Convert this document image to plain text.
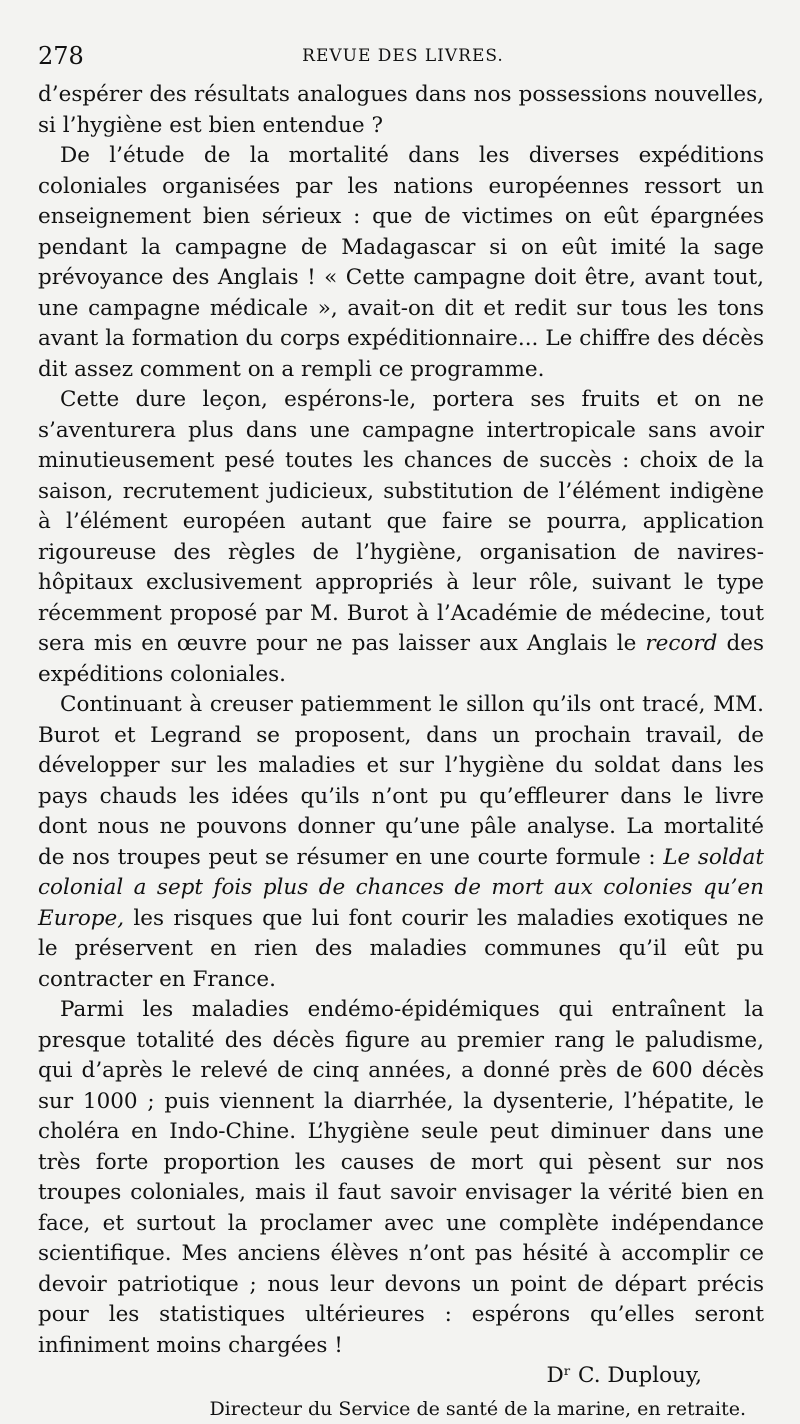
278	REVUE DES LIVRES.

d’espérer des résultats analogues dans nos possessions nouvelles, si l’hygiène est bien entendue ?

De l’étude de la mortalité dans les diverses expéditions coloniales organisées par les nations européennes ressort un enseignement bien sérieux : que de victimes on eût épargnées pendant la campagne de Madagascar si on eût imité la sage prévoyance des Anglais ! « Cette campagne doit être, avant tout, une campagne médicale », avait-on dit et redit sur tous les tons avant la formation du corps expéditionnaire... Le chiffre des décès dit assez comment on a rempli ce programme.

Cette dure leçon, espérons-le, portera ses fruits et on ne s’aventurera plus dans une campagne intertropicale sans avoir minutieusement pesé toutes les chances de succès : choix de la saison, recrutement judicieux, substitution de l’élément indigène à l’élément européen autant que faire se pourra, application rigoureuse des règles de l’hygiène, organisation de navires-hôpitaux exclusivement appropriés à leur rôle, suivant le type récemment proposé par M. Burot à l’Académie de médecine, tout sera mis en œuvre pour ne pas laisser aux Anglais le record des expéditions coloniales.

Continuant à creuser patiemment le sillon qu’ils ont tracé, MM. Burot et Legrand se proposent, dans un prochain travail, de développer sur les maladies et sur l’hygiène du soldat dans les pays chauds les idées qu’ils n’ont pu qu’effleurer dans le livre dont nous ne pouvons donner qu’une pâle analyse. La mortalité de nos troupes peut se résumer en une courte formule : Le soldat colonial a sept fois plus de chances de mort aux colonies qu’en Europe, les risques que lui font courir les maladies exotiques ne le préservent en rien des maladies communes qu’il eût pu contracter en France.

Parmi les maladies endémo-épidémiques qui entraînent la presque totalité des décès figure au premier rang le paludisme, qui d’après le relevé de cinq années, a donné près de 600 décès sur 1000 ; puis viennent la diarrhée, la dysenterie, l’hépatite, le choléra en Indo-Chine. L’hygiène seule peut diminuer dans une très forte proportion les causes de mort qui pèsent sur nos troupes coloniales, mais il faut savoir envisager la vérité bien en face, et surtout la proclamer avec une complète indépendance scientifique. Mes anciens élèves n’ont pas hésité à accomplir ce devoir patriotique ; nous leur devons un point de départ précis pour les statistiques ultérieures : espérons qu’elles seront infiniment moins chargées !

Dʳ C. Duplouy,

Directeur du Service de santé de la marine, en retraite.
